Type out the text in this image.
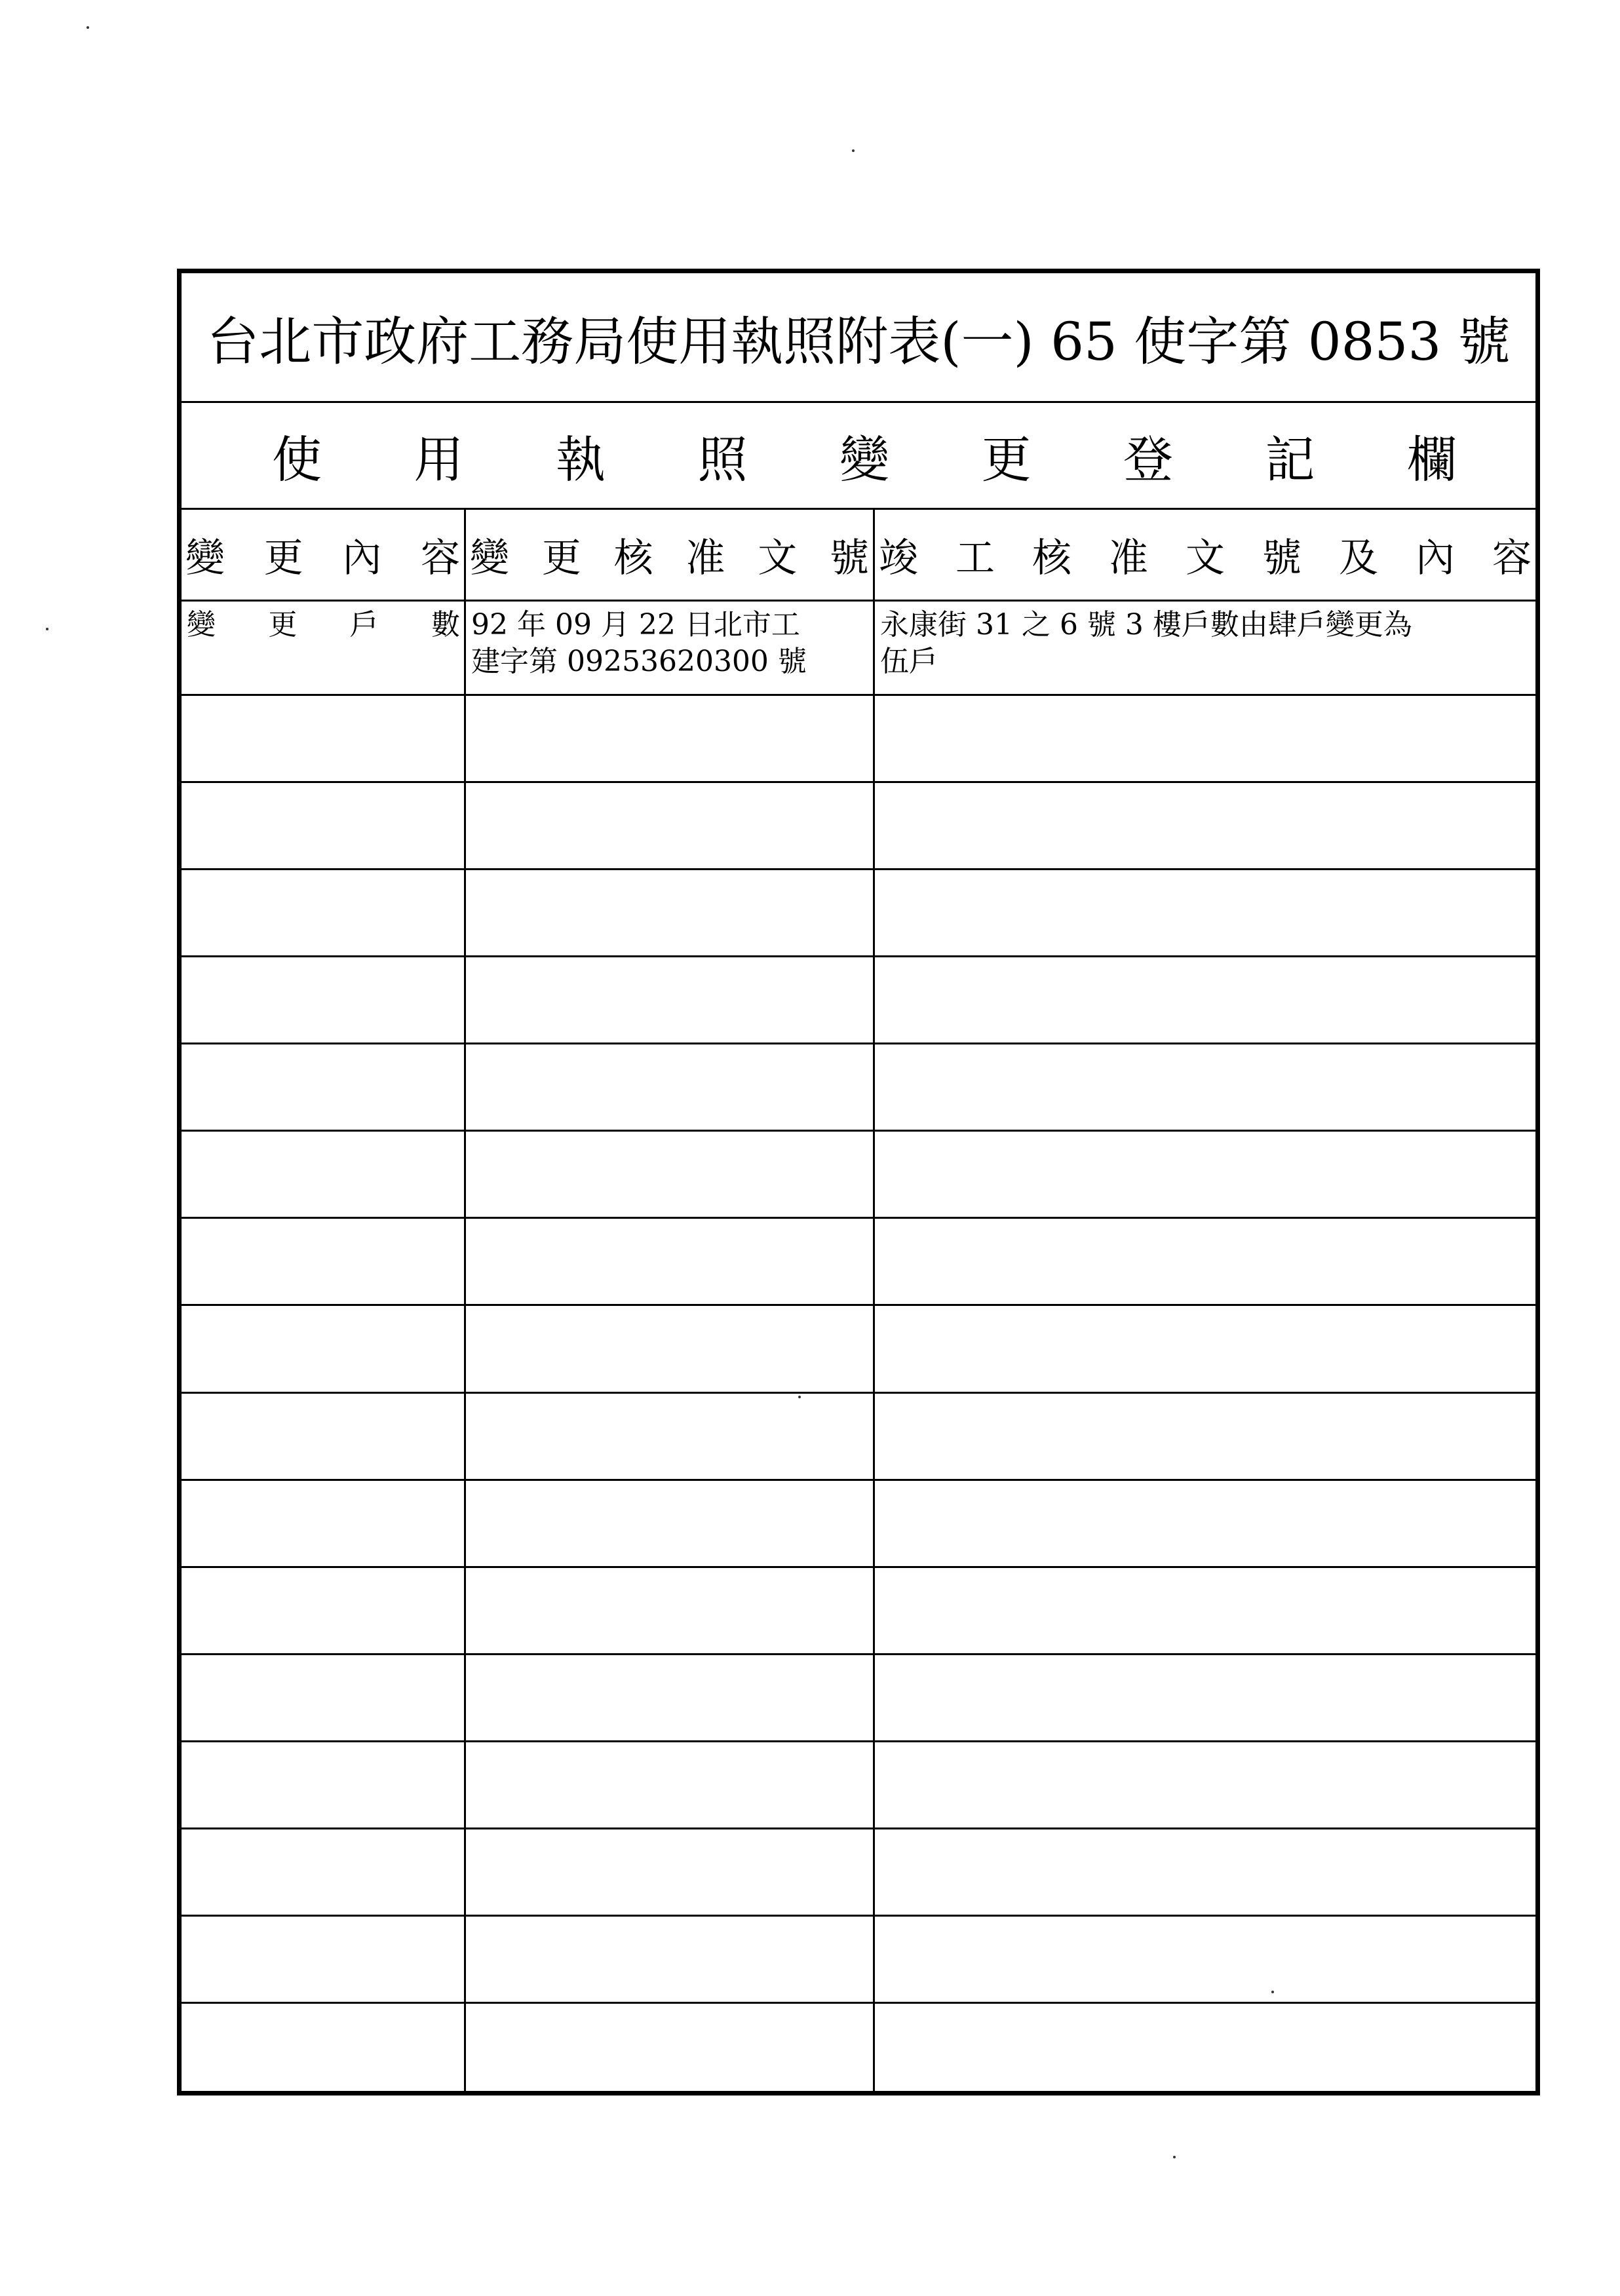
台北市政府工務局使用執照附表(一) 65 使字第 0853 號
使 用 執 照 變 更 登 記 欄
變 更 內 容 變 更 核 准 文 號 竣 工 核 准 文 號 及 內 容
變 更 戶 數 92 年 09 月 22 日北市工
建字第 09253620300 號
永康街 31 之 6 號 3 樓戶數由肆戶變更為
伍戶
